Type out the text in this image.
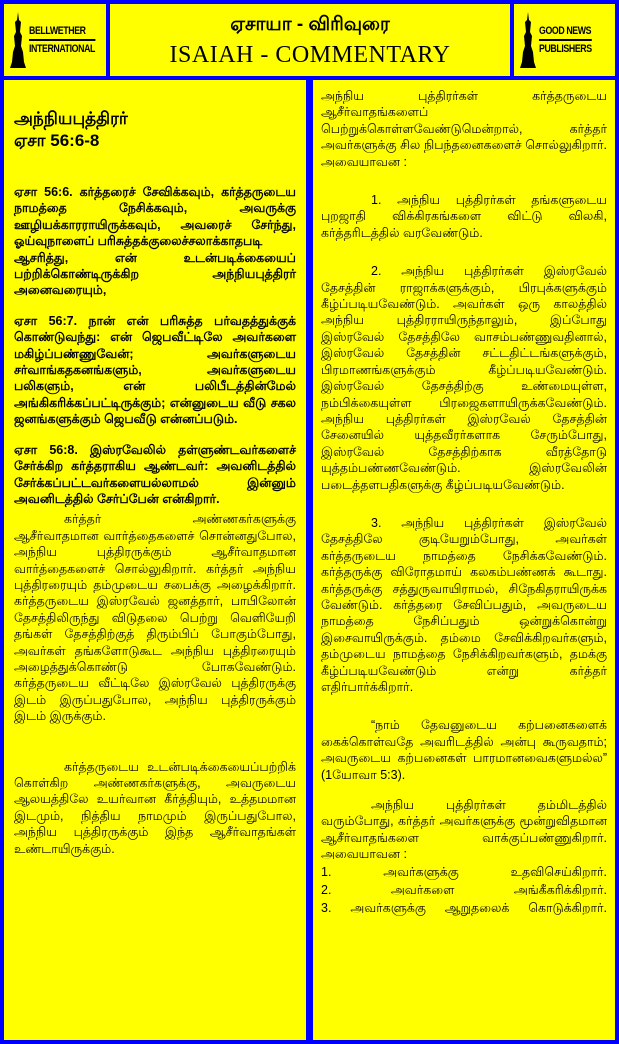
BELLWETHER
INTERNATIONAL
ஏசாயா - விரிவுரை
ISAIAH - COMMENTARY
GOOD NEWS
PUBLISHERS
அந்நியபுத்திரர்
ஏசா 56:6-8
ஏசா 56:6. கர்த்தரைச் சேவிக்கவும், கர்த்தருடைய நாமத்தை நேசிக்கவும், அவருக்கு ஊழியக்காரராயிருக்கவும், அவரைச் சேர்ந்து, ஓய்வுநாளைப் பரிசுத்தக்குலைச்சலாக்காதபடி
ஆசரித்து, என் உடன்படிக்கையைப் பற்றிக்கொண்டிருக்கிற அந்நியபுத்திரர் அனைவரையும்,
ஏசா 56:7. நான் என் பரிசுத்த பர்வதத்துக்குக் கொண்டுவந்து: என் ஜெபவீட்டிலே அவர்களை மகிழ்ப்பண்ணுவேன்; அவர்களுடைய சர்வாங்கதகனங்களும், அவர்களுடைய பலிகளும், என் பலிபீடத்தின்மேல் அங்கிகரிக்கப்பட்டிருக்கும்; என்னுடைய வீடு சகல ஜனங்களுக்கும் ஜெபவீடு என்னப்படும்.
ஏசா 56:8. இஸ்ரவேலில் தள்ளுண்டவர்களைச் சேர்க்கிற கர்த்தராகிய ஆண்டவர்: அவனிடத்தில் சேர்க்கப்பட்டவர்களையல்லாமல் இன்னும் அவனிடத்தில் சேர்ப்பேன் என்கிறார்.
கர்த்தர் அண்ணகர்களுக்கு ஆசீர்வாதமான வார்த்தைகளைச் சொன்னதுபோல, அந்நிய புத்திரருக்கும் ஆசீர்வாதமான வார்த்தைகளைச் சொல்லுகிறார். கர்த்தர் அந்நிய புத்திரரையும் தம்முடைய சபைக்கு அழைக்கிறார். கர்த்தருடைய இஸ்ரவேல் ஜனத்தார், பாபிலோன் தேசத்திலிருந்து விடுதலை பெற்று வெளியேறி தங்கள் தேசத்திற்குத் திரும்பிப் போகும்போது, அவர்கள் தங்களோடுகூட அந்நிய புத்திரரையும் அழைத்துக்கொண்டு போகவேண்டும். கர்த்தருடைய வீட்டிலே இஸ்ரவேல் புத்திரருக்கு இடம் இருப்பதுபோல, அந்நிய புத்திரருக்கும் இடம் இருக்கும்.
கர்த்தருடைய உடன்படிக்கையைப்பற்றிக் கொள்கிற அண்ணகர்களுக்கு, அவருடைய ஆலயத்திலே உயர்வான கீர்த்தியும், உத்தமமான இடமும், நித்திய நாமமும் இருப்பதுபோல, அந்நிய புத்திரருக்கும் இந்த ஆசீர்வாதங்கள் உண்டாயிருக்கும்.
அந்நிய புத்திரர்கள் கர்த்தருடைய ஆசீர்வாதங்களைப் பெற்றுக்கொள்ளவேண்டுமென்றால், கர்த்தர் அவர்களுக்கு சில நிபந்தனைகளைச் சொல்லுகிறார். அவையாவன :
1. அந்நிய புத்திரர்கள் தங்களுடைய புறஜாதி விக்கிரகங்களை விட்டு விலகி, கர்த்தரிடத்தில் வரவேண்டும்.
2. அந்நிய புத்திரர்கள் இஸ்ரவேல் தேசத்தின் ராஜாக்களுக்கும், பிரபுக்களுக்கும் கீழ்ப்படியவேண்டும். அவர்கள் ஒரு காலத்தில் அந்நிய புத்திரராயிருந்தாலும், இப்போது இஸ்ரவேல் தேசத்திலே வாசம்பண்ணுவதினால், இஸ்ரவேல் தேசத்தின் சட்டதிட்டங்களுக்கும், பிரமாணங்களுக்கும் கீழ்ப்படியவேண்டும். இஸ்ரவேல் தேசத்திற்கு உண்மையுள்ள, நம்பிக்கையுள்ள பிரஜைகளாயிருக்கவேண்டும். அந்நிய புத்திரர்கள் இஸ்ரவேல் தேசத்தின் சேனையில் யுத்தவீரர்களாக சேரும்போது, இஸ்ரவேல் தேசத்திற்காக வீரத்தோடு யுத்தம்பண்ணவேண்டும். இஸ்ரவேலின் படைத்தளபதிகளுக்கு கீழ்ப்படியவேண்டும்.
3. அந்நிய புத்திரர்கள் இஸ்ரவேல் தேசத்திலே குடியேறும்போது, அவர்கள் கர்த்தருடைய நாமத்தை நேசிக்கவேண்டும். கர்த்தருக்கு விரோதமாய் கலகம்பண்ணக் கூடாது. கர்த்தருக்கு சத்துருவாயிராமல், சிநேகிதராயிருக்க வேண்டும். கர்த்தரை சேவிப்பதும், அவருடைய நாமத்தை நேசிப்பதும் ஒன்றுக்கொன்று இசைவாயிருக்கும். தம்மை சேவிக்கிறவர்களும், தம்முடைய நாமத்தை நேசிக்கிறவர்களும், தமக்கு கீழ்ப்படியவேண்டும் என்று கர்த்தர் எதிர்பார்க்கிறார்.
“நாம் தேவனுடைய கற்பனைகளைக் கைக்கொள்வதே அவரிடத்தில் அன்பு கூருவதாம்; அவருடைய கற்பனைகள் பாரமானவைகளுமல்ல” (1யோவா 5:3).
அந்நிய புத்திரர்கள் தம்மிடத்தில் வரும்போது, கர்த்தர் அவர்களுக்கு மூன்றுவிதமான ஆசீர்வாதங்களை வாக்குப்பண்ணுகிறார். அவையாவன :
1. அவர்களுக்கு உதவிசெய்கிறார்.
2. அவர்களை அங்கீகரிக்கிறார்.
3. அவர்களுக்கு ஆறுதலைக் கொடுக்கிறார்.
